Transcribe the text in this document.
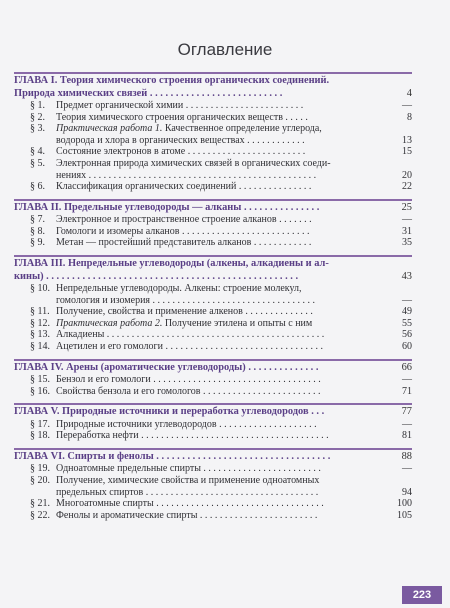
Оглавление
ГЛАВА I. Теория химического строения органических соединений.
Природа химических связей . . . . . . . . . . . . . . . . . . . . . . . . . .	4
§ 1.	Предмет органической химии . . . . . . . . . . . . . . . . . . . . . . . .	—
§ 2.	Теория химического строения органических веществ . . . . .	8
§ 3.	Практическая работа 1. Качественное определение углерода,
водорода и хлора в органических веществах . . . . . . . . . . . .	13
§ 4.	Состояние электронов в атоме . . . . . . . . . . . . . . . . . . . . . . . .	15
§ 5.	Электронная природа химических связей в органических соеди-
нениях . . . . . . . . . . . . . . . . . . . . . . . . . . . . . . . . . . . . . . . . . . . . . .	20
§ 6.	Классификация органических соединений . . . . . . . . . . . . . . .	22
ГЛАВА II. Предельные углеводороды — алканы . . . . . . . . . . . . . . .	25
§ 7.	Электронное и пространственное строение алканов . . . . . . .	—
§ 8.	Гомологи и изомеры алканов . . . . . . . . . . . . . . . . . . . . . . . . . .	31
§ 9.	Метан — простейший представитель алканов . . . . . . . . . . . .	35
ГЛАВА III. Непредельные углеводороды (алкены, алкадиены и ал-
кины) . . . . . . . . . . . . . . . . . . . . . . . . . . . . . . . . . . . . . . . . . . . . . . . . .	43
§ 10. Непредельные углеводороды. Алкены: строение молекул,
гомология и изомерия . . . . . . . . . . . . . . . . . . . . . . . . . . . . . . . . .	—
§ 11. Получение, свойства и применение алкенов . . . . . . . . . . . . . .	49
§ 12. Практическая работа 2. Получение этилена и опыты с ним	55
§ 13. Алкадиены . . . . . . . . . . . . . . . . . . . . . . . . . . . . . . . . . . . . . . . . . . . .	56
§ 14. Ацетилен и его гомологи . . . . . . . . . . . . . . . . . . . . . . . . . . . . . . . .	60
ГЛАВА IV. Арены (ароматические углеводороды) . . . . . . . . . . . . . .	66
§ 15. Бензол и его гомологи . . . . . . . . . . . . . . . . . . . . . . . . . . . . . . . . . .	—
§ 16. Свойства бензола и его гомологов . . . . . . . . . . . . . . . . . . . . . . . .	71
ГЛАВА V. Природные источники и переработка углеводородов . . .	77
§ 17. Природные источники углеводородов . . . . . . . . . . . . . . . . . . . .	—
§ 18. Переработка нефти . . . . . . . . . . . . . . . . . . . . . . . . . . . . . . . . . . . . . .	81
ГЛАВА VI. Спирты и фенолы . . . . . . . . . . . . . . . . . . . . . . . . . . . . . . . . . .	88
§ 19. Одноатомные предельные спирты . . . . . . . . . . . . . . . . . . . . . . . .	—
§ 20. Получение, химические свойства и применение одноатомных
предельных спиртов . . . . . . . . . . . . . . . . . . . . . . . . . . . . . . . . . . .	94
§ 21. Многоатомные спирты . . . . . . . . . . . . . . . . . . . . . . . . . . . . . . . . . .	100
§ 22. Фенолы и ароматические спирты . . . . . . . . . . . . . . . . . . . . . . . .	105
223
